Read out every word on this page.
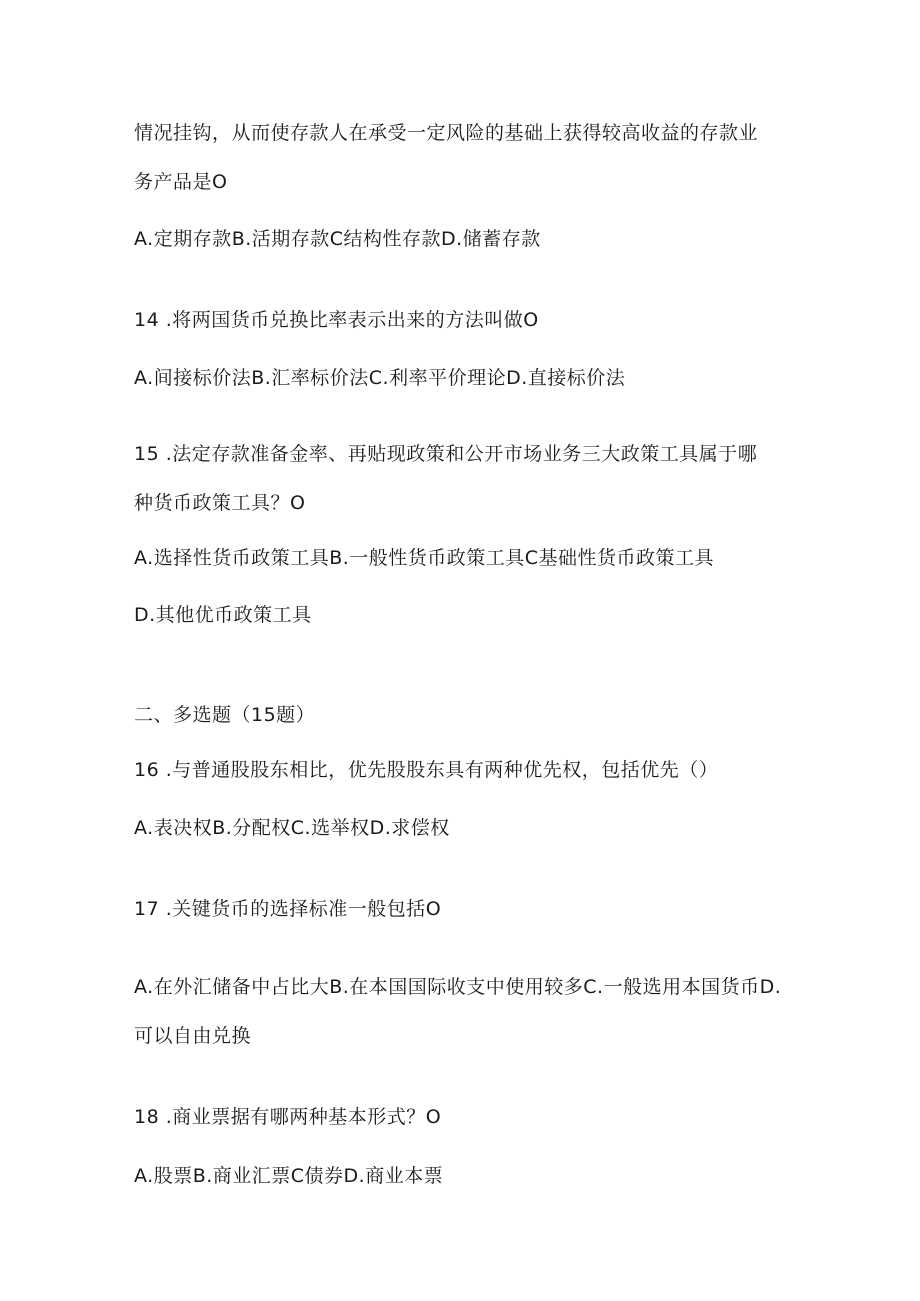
情况挂钩，从而使存款人在承受一定风险的基础上获得较高收益的存款业
务产品是O
A.定期存款B.活期存款C结构性存款D.储蓄存款
14 .将两国货币兑换比率表示出来的方法叫做O
A.间接标价法B.汇率标价法C.利率平价理论D.直接标价法
15 .法定存款准备金率、再贴现政策和公开市场业务三大政策工具属于哪
种货币政策工具？O
A.选择性货币政策工具B.一般性货币政策工具C基础性货币政策工具
D.其他优币政策工具
二、多选题（15题）
16 .与普通股股东相比，优先股股东具有两种优先权，包括优先（）
A.表决权B.分配权C.选举权D.求偿权
17 .关键货币的选择标准一般包括O
A.在外汇储备中占比大B.在本国国际收支中使用较多C.一般选用本国货币D.
可以自由兑换
18 .商业票据有哪两种基本形式？O
A.股票B.商业汇票C债券D.商业本票
